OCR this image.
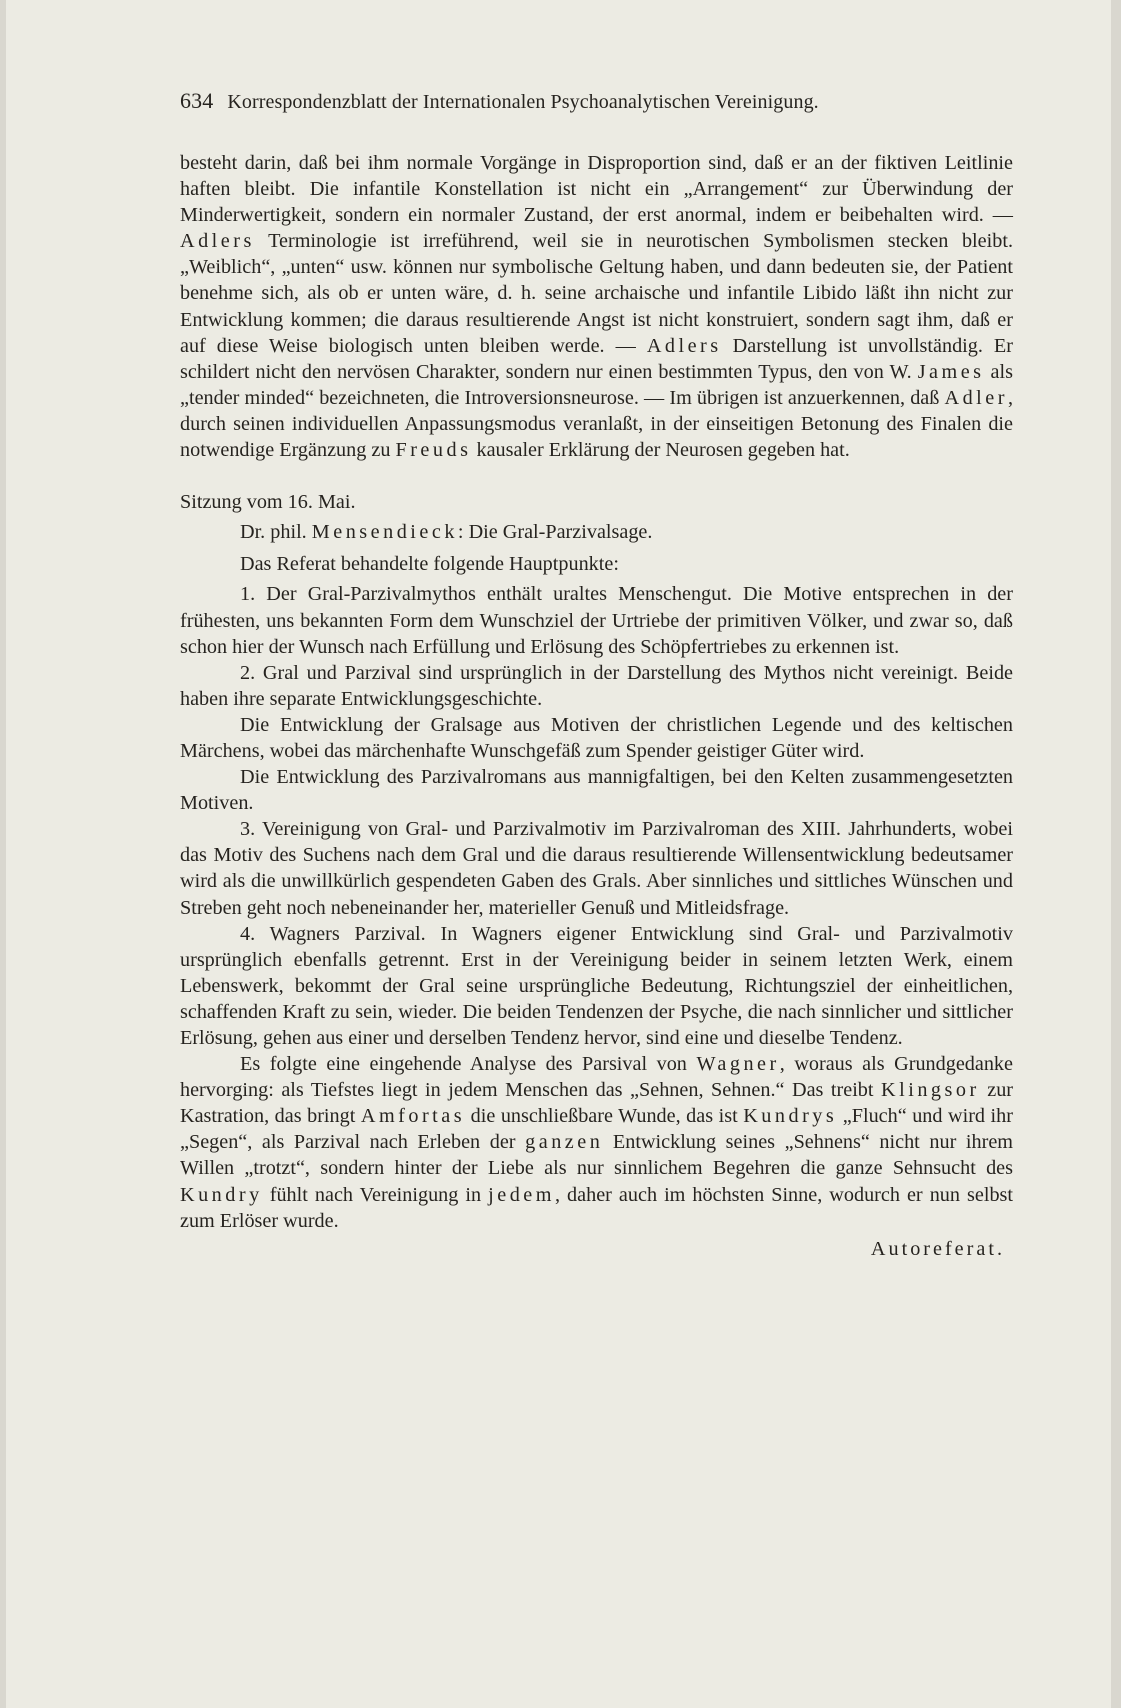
634 Korrespondenzblatt der Internationalen Psychoanalytischen Vereinigung.

besteht darin, daß bei ihm normale Vorgänge in Disproportion sind, daß er an der fiktiven Leitlinie haften bleibt. Die infantile Konstellation ist nicht ein „Arrangement“ zur Überwindung der Minderwertigkeit, sondern ein normaler Zustand, der erst anormal, indem er beibehalten wird. — Adlers Terminologie ist irreführend, weil sie in neurotischen Symbolismen stecken bleibt. „Weiblich“, „unten“ usw. können nur symbolische Geltung haben, und dann bedeuten sie, der Patient benehme sich, als ob er unten wäre, d. h. seine archaische und infantile Libido läßt ihn nicht zur Entwicklung kommen; die daraus resultierende Angst ist nicht konstruiert, sondern sagt ihm, daß er auf diese Weise biologisch unten bleiben werde. — Adlers Darstellung ist unvollständig. Er schildert nicht den nervösen Charakter, sondern nur einen bestimmten Typus, den von W. James als „tender minded“ bezeichneten, die Introversionsneurose. — Im übrigen ist anzuerkennen, daß Adler, durch seinen individuellen Anpassungsmodus veranlaßt, in der einseitigen Betonung des Finalen die notwendige Ergänzung zu Freuds kausaler Erklärung der Neurosen gegeben hat.

Sitzung vom 16. Mai.

Dr. phil. Mensendieck: Die Gral-Parzivalsage.

Das Referat behandelte folgende Hauptpunkte:

1. Der Gral-Parzivalmythos enthält uraltes Menschengut. Die Motive entsprechen in der frühesten, uns bekannten Form dem Wunschziel der Urtriebe der primitiven Völker, und zwar so, daß schon hier der Wunsch nach Erfüllung und Erlösung des Schöpfertriebes zu erkennen ist.

2. Gral und Parzival sind ursprünglich in der Darstellung des Mythos nicht vereinigt. Beide haben ihre separate Entwicklungsgeschichte.

Die Entwicklung der Gralsage aus Motiven der christlichen Legende und des keltischen Märchens, wobei das märchenhafte Wunschgefäß zum Spender geistiger Güter wird.

Die Entwicklung des Parzivalromans aus mannigfaltigen, bei den Kelten zusammengesetzten Motiven.

3. Vereinigung von Gral- und Parzivalmotiv im Parzivalroman des XIII. Jahrhunderts, wobei das Motiv des Suchens nach dem Gral und die daraus resultierende Willensentwicklung bedeutsamer wird als die unwillkürlich gespendeten Gaben des Grals. Aber sinnliches und sittliches Wünschen und Streben geht noch nebeneinander her, materieller Genuß und Mitleidsfrage.

4. Wagners Parzival. In Wagners eigener Entwicklung sind Gral- und Parzivalmotiv ursprünglich ebenfalls getrennt. Erst in der Vereinigung beider in seinem letzten Werk, einem Lebenswerk, bekommt der Gral seine ursprüngliche Bedeutung, Richtungsziel der einheitlichen, schaffenden Kraft zu sein, wieder. Die beiden Tendenzen der Psyche, die nach sinnlicher und sittlicher Erlösung, gehen aus einer und derselben Tendenz hervor, sind eine und dieselbe Tendenz.

Es folgte eine eingehende Analyse des Parsival von Wagner, woraus als Grundgedanke hervorging: als Tiefstes liegt in jedem Menschen das „Sehnen, Sehnen.“ Das treibt Klingsor zur Kastration, das bringt Amfortas die unschließbare Wunde, das ist Kundrys „Fluch“ und wird ihr „Segen“, als Parzival nach Erleben der ganzen Entwicklung seines „Sehnens“ nicht nur ihrem Willen „trotzt“, sondern hinter der Liebe als nur sinnlichem Begehren die ganze Sehnsucht des Kundry fühlt nach Vereinigung in jedem, daher auch im höchsten Sinne, wodurch er nun selbst zum Erlöser wurde.

Autoreferat.
